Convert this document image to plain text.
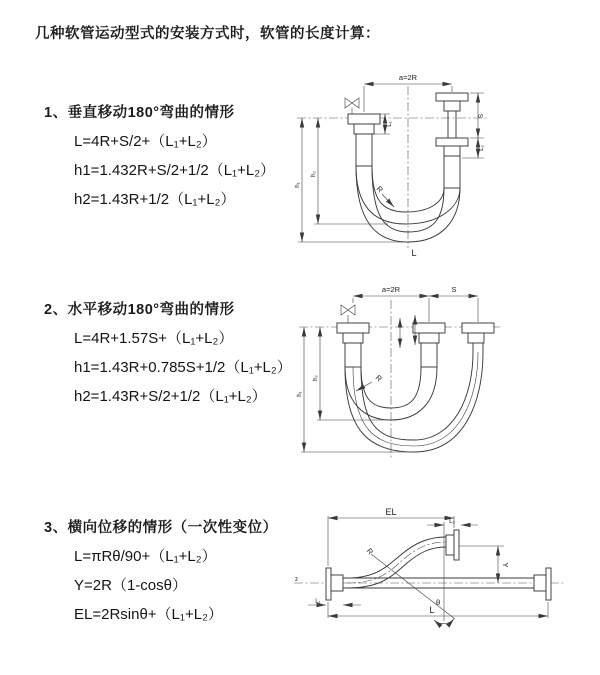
几种软管运动型式的安装方式时，软管的长度计算：
1、垂直移动180°弯曲的情形

L=4R+S/2+（L₁+L₂）

h1=1.432R+S/2+1/2（L₁+L₂）

h2=1.43R+1/2（L₁+L₂）

a=2R
L₁
h₁
h₂
S
L₂
R
L
2、水平移动180°弯曲的情形

L=4R+1.57S+（L₁+L₂）

h1=1.43R+0.785S+1/2（L₁+L₂）

h2=1.43R+S/2+1/2（L₁+L₂）

a=2R	S
h₁
h₂	R
3、横向位移的情形（一次性变位）

L=πRθ/90+（L₁+L₂）

Y=2R（1-cosθ）

EL=2Rsinθ+（L₁+L₂）

z
EL
L₂
Y
θ
R
L
L₁
